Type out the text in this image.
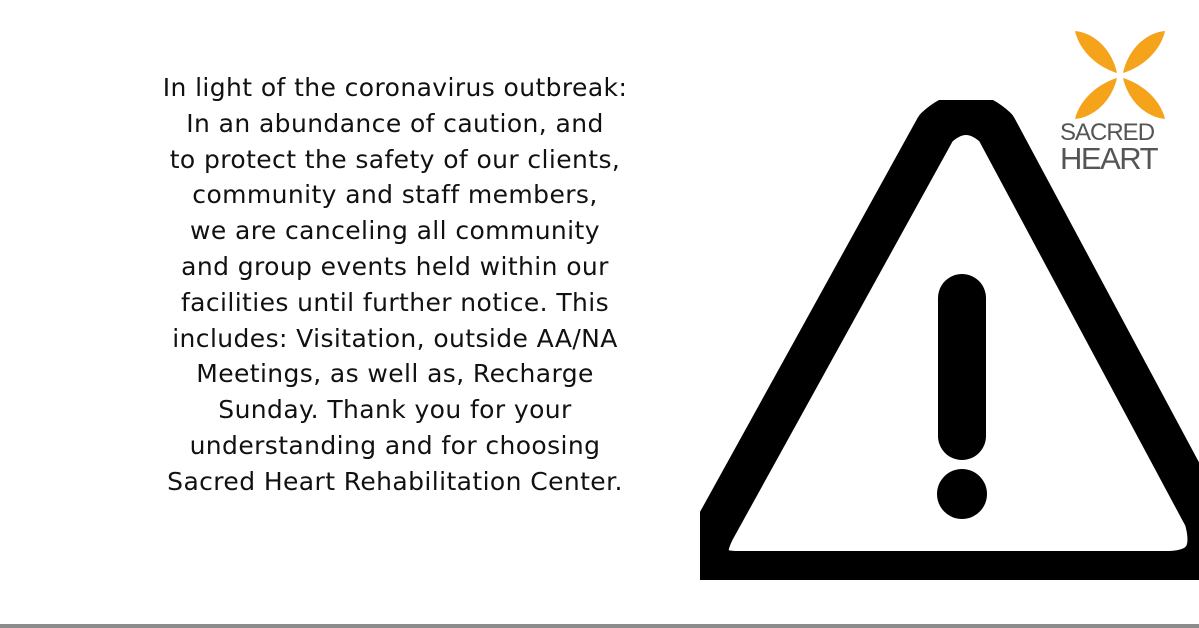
In light of the coronavirus outbreak:
In an abundance of caution, and
to protect the safety of our clients,
community and staff members,
we are canceling all community
and group events held within our
facilities until further notice. This
includes: Visitation, outside AA/NA
Meetings, as well as, Recharge
Sunday. Thank you for your
understanding and for choosing
Sacred Heart Rehabilitation Center.
SACRED
HEART
